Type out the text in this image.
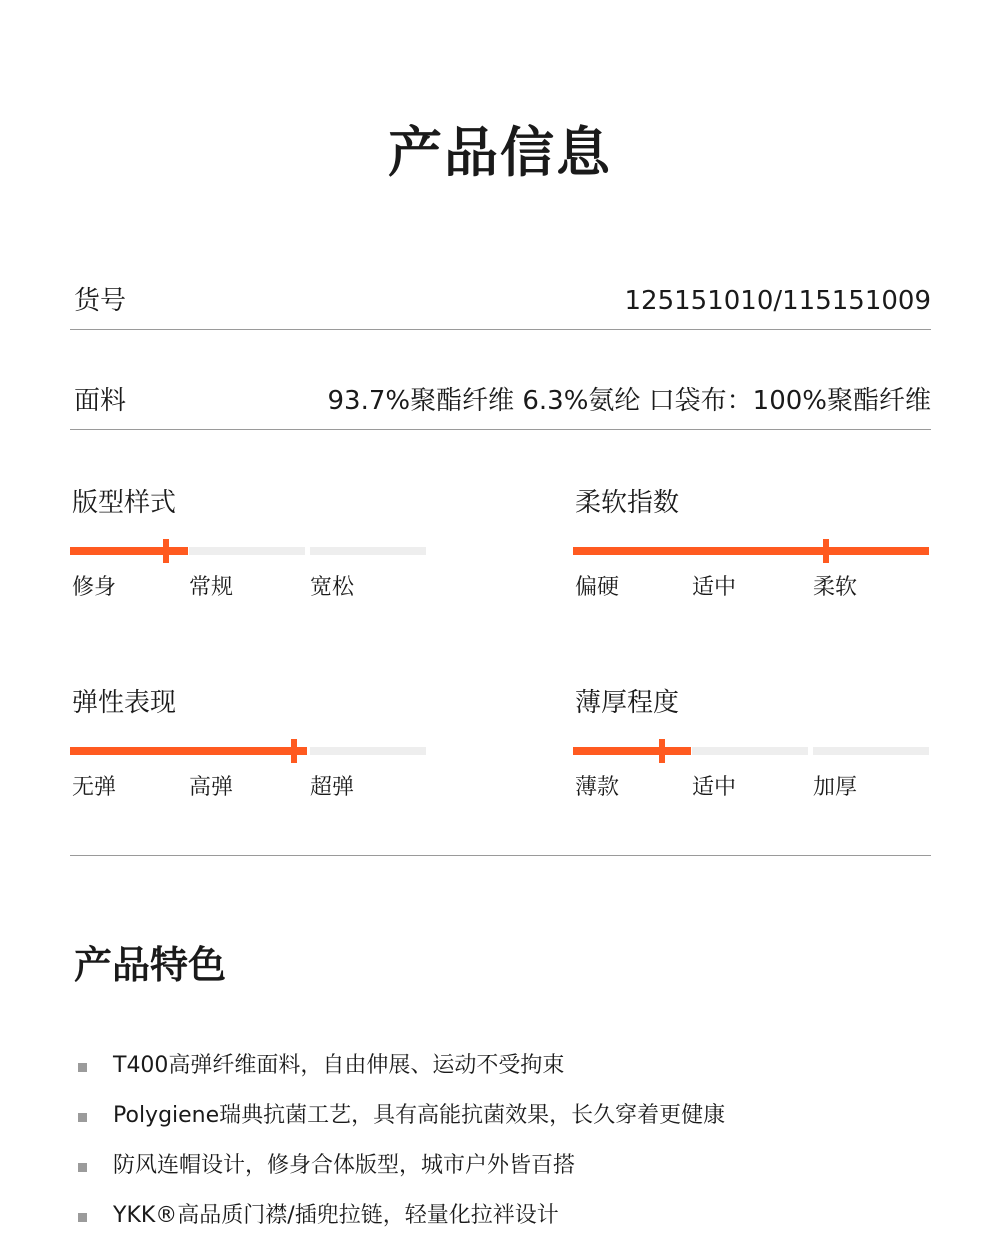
产品信息
货号	125151010/115151009
面料	93.7%聚酯纤维 6.3%氨纶 口袋布：100%聚酯纤维
版型样式
修身	常规	宽松
柔软指数
偏硬	适中	柔软
弹性表现
无弹	高弹	超弹
薄厚程度
薄款	适中	加厚
产品特色
T400高弹纤维面料，自由伸展、运动不受拘束
Polygiene瑞典抗菌工艺，具有高能抗菌效果，长久穿着更健康
防风连帽设计，修身合体版型，城市户外皆百搭
YKK®高品质门襟/插兜拉链，轻量化拉袢设计
